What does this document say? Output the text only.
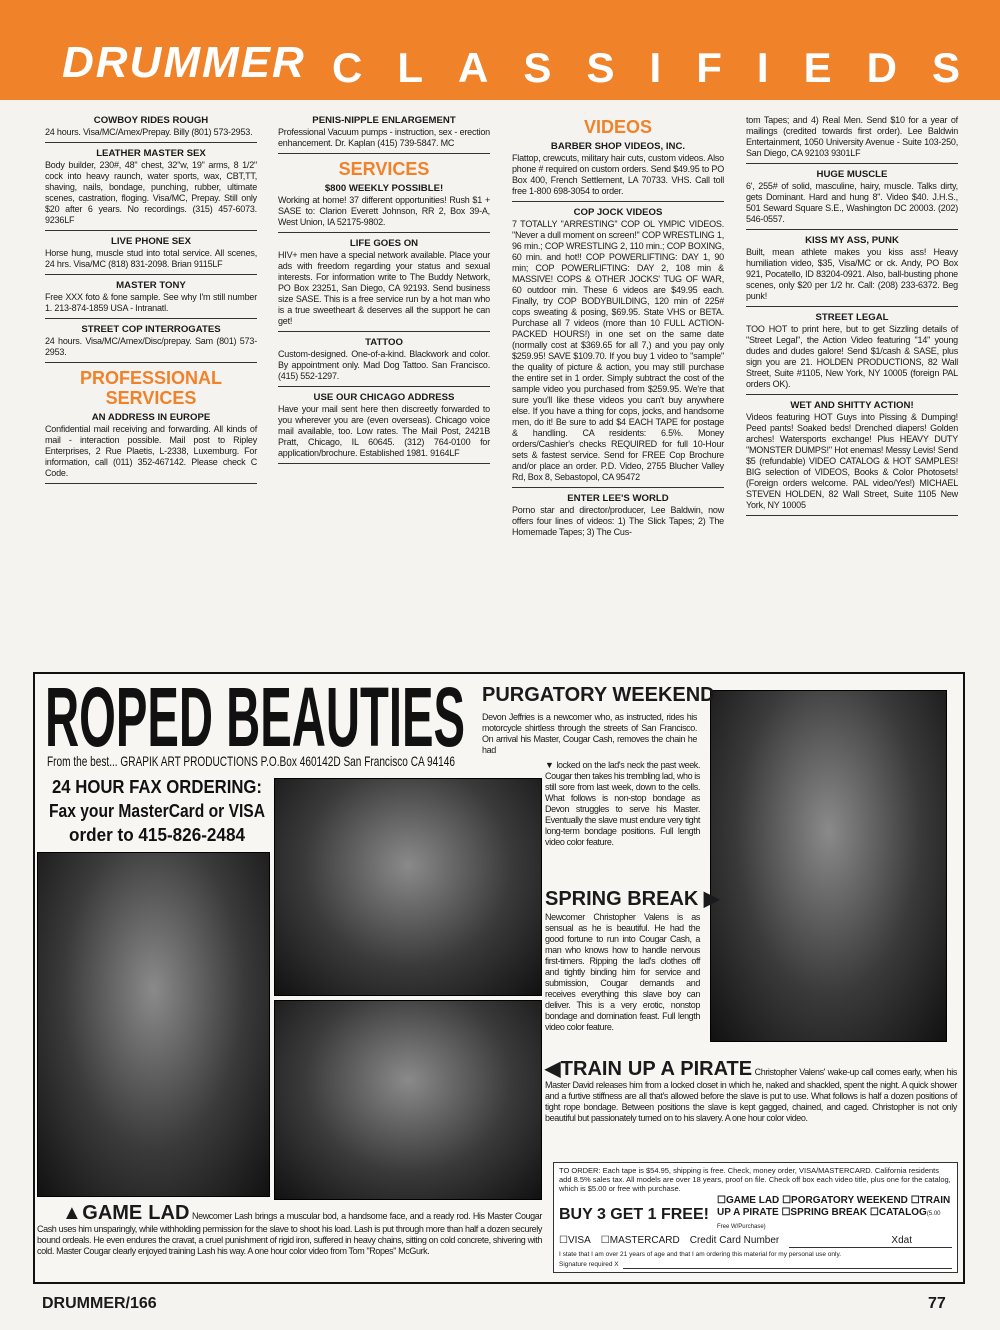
DRUMMER CLASSIFIEDS
COWBOY RIDES ROUGH

24 hours. Visa/MC/Amex/Prepay. Billy (801) 573-2953.

LEATHER MASTER SEX

Body builder, 230#, 48" chest, 32"w, 19" arms, 8 1/2" cock into heavy raunch, water sports, wax, CBT,TT, shaving, nails, bondage, punching, rubber, ultimate scenes, castration, floging. Visa/MC, Prepay. Still only $20 after 6 years. No recordings. (315) 457-6073. 9236LF

LIVE PHONE SEX

Horse hung, muscle stud into total service. All scenes, 24 hrs. Visa/MC (818) 831-2098. Brian 9115LF

MASTER TONY

Free XXX foto & fone sample. See why I'm still number 1. 213-874-1859 USA - Intranatl.

STREET COP INTERROGATES

24 hours. Visa/MC/Amex/Disc/prepay. Sam (801) 573-2953.

PROFESSIONAL SERVICES
AN ADDRESS IN EUROPE

Confidential mail receiving and forwarding. All kinds of mail - interaction possible. Mail post to Ripley Enterprises, 2 Rue Plaetis, L-2338, Luxemburg. For information, call (011) 352-467142. Please check C Code.

PENIS-NIPPLE ENLARGEMENT

Professional Vacuum pumps - instruction, sex - erection enhancement. Dr. Kaplan (415) 739-5847. MC

SERVICES
$800 WEEKLY POSSIBLE!

Working at home! 37 different opportunities! Rush $1 + SASE to: Clarion Everett Johnson, RR 2, Box 39-A, West Union, IA 52175-9802.

LIFE GOES ON

HIV+ men have a special network available. Place your ads with freedom regarding your status and sexual interests. For information write to The Buddy Network, PO Box 23251, San Diego, CA 92193. Send business size SASE. This is a free service run by a hot man who is a true sweetheart & deserves all the support he can get!

TATTOO

Custom-designed. One-of-a-kind. Blackwork and color. By appointment only. Mad Dog Tattoo. San Francisco. (415) 552-1297.

USE OUR CHICAGO ADDRESS

Have your mail sent here then discreetly forwarded to you wherever you are (even overseas). Chicago voice mail available, too. Low rates. The Mail Post, 2421B Pratt, Chicago, IL 60645. (312) 764-0100 for application/brochure. Established 1981. 9164LF

VIDEOS
BARBER SHOP VIDEOS, INC.

Flattop, crewcuts, military hair cuts, custom videos. Also phone # required on custom orders. Send $49.95 to PO Box 400, French Settlement, LA 70733. VHS. Call toll free 1-800 698-3054 to order.

COP JOCK VIDEOS

7 TOTALLY "ARRESTING" COP OL YMPIC VIDEOS. "Never a dull moment on screen!" COP WRESTLING 1, 96 min.; COP WRESTLING 2, 110 min.; COP BOXING, 60 min. and hot!! COP POWERLIFTING: DAY 1, 90 min; COP POWERLIFTING: DAY 2, 108 min & MASSIVE! COPS & OTHER JOCKS' TUG OF WAR, 60 outdoor min. These 6 videos are $49.95 each. Finally, try COP BODYBUILDING, 120 min of 225# cops sweating & posing, $69.95. State VHS or BETA. Purchase all 7 videos (more than 10 FULL ACTION-PACKED HOURS!) in one set on the same date (normally cost at $369.65 for all 7,) and you pay only $259.95! SAVE $109.70. If you buy 1 video to "sample" the quality of picture & action, you may still purchase the entire set in 1 order. Simply subtract the cost of the sample video you purchased from $259.95. We're that sure you'll like these videos you can't buy anywhere else. If you have a thing for cops, jocks, and handsome men, do it! Be sure to add $4 EACH TAPE for postage & handling. CA residents: 6.5%. Money orders/Cashier's checks REQUIRED for full 10-Hour sets & fastest service. Send for FREE Cop Brochure and/or place an order. P.D. Video, 2755 Blucher Valley Rd, Box 8, Sebastopol, CA 95472

ENTER LEE'S WORLD

Porno star and director/producer, Lee Baldwin, now offers four lines of videos: 1) The Slick Tapes; 2) The Homemade Tapes; 3) The Cus-

tom Tapes; and 4) Real Men. Send $10 for a year of mailings (credited towards first order). Lee Baldwin Entertainment, 1050 University Avenue - Suite 103-250, San Diego, CA 92103 9301LF

HUGE MUSCLE

6', 255# of solid, masculine, hairy, muscle. Talks dirty, gets Dominant. Hard and hung 8". Video $40. J.H.S., 501 Seward Square S.E., Washington DC 20003. (202) 546-0557.

KISS MY ASS, PUNK

Built, mean athlete makes you kiss ass! Heavy humiliation video, $35, Visa/MC or ck. Andy, PO Box 921, Pocatello, ID 83204-0921. Also, ball-busting phone scenes, only $20 per 1/2 hr. Call: (208) 233-6372. Beg punk!

STREET LEGAL

TOO HOT to print here, but to get Sizzling details of "Street Legal", the Action Video featuring "14" young dudes and dudes galore! Send $1/cash & SASE, plus sign you are 21. HOLDEN PRODUCTIONS, 82 Wall Street, Suite #1105, New York, NY 10005 (foreign PAL orders OK).

WET AND SHITTY ACTION!

Videos featuring HOT Guys into Pissing & Dumping! Peed pants! Soaked beds! Drenched diapers! Golden arches! Watersports exchange! Plus HEAVY DUTY "MONSTER DUMPS!" Hot enemas! Messy Levis! Send $5 (refundable) VIDEO CATALOG & HOT SAMPLES! BIG selection of VIDEOS, Books & Color Photosets! (Foreign orders welcome. PAL video/Yes!) MICHAEL STEVEN HOLDEN, 82 Wall Street, Suite 1105 New York, NY 10005

ROPED BEAUTIES
From the best... GRAPIK ART PRODUCTIONS P.O.Box 460142D San Francisco CA 94146
24 HOUR FAX ORDERING:
Fax your MasterCard or VISA
order to 415-826-2484
PURGATORY WEEKEND
Devon Jeffries is a newcomer who, as instructed, rides his motorcycle shirtless through the streets of San Francisco. On arrival his Master, Cougar Cash, removes the chain he had
▼ locked on the lad's neck the past week. Cougar then takes his trembling lad, who is still sore from last week, down to the cells. What follows is non-stop bondage as Devon struggles to serve his Master. Eventually the slave must endure very tight long-term bondage positions. Full length video color feature.
SPRING BREAK ▶
Newcomer Christopher Valens is as sensual as he is beautiful. He had the good fortune to run into Cougar Cash, a man who knows how to handle nervous first-timers. Ripping the lad's clothes off and tightly binding him for service and submission, Cougar demands and receives everything this slave boy can deliver. This is a very erotic, nonstop bondage and domination feast. Full length video color feature.
◀TRAIN UP A PIRATE Christopher Valens' wake-up call comes early, when his Master David releases him from a locked closet in which he, naked and shackled, spent the night. A quick shower and a furtive stiffness are all that's allowed before the slave is put to use. What follows is half a dozen positions of tight rope bondage. Between positions the slave is kept gagged, chained, and caged. Christopher is not only beautiful but passionately turned on to his slavery. A one hour color video.
▲GAME LAD Newcomer Lash brings a muscular bod, a handsome face, and a ready rod. His Master Cougar Cash uses him unsparingly, while withholding permission for the slave to shoot his load. Lash is put through more than half a dozen securely bound ordeals. He even endures the cravat, a cruel punishment of rigid iron, suffered in heavy chains, sitting on cold concrete, shivering with cold. Master Cougar clearly enjoyed training Lash his way. A one hour color video from Tom "Ropes" McGurk.
TO ORDER: Each tape is $54.95, shipping is free. Check, money order, VISA/MASTERCARD. California residents add 8.5% sales tax. All models are over 18 years, proof on file. Check off box each video title, plus one for the catalog, which is $5.00 or free with purchase.
BUY 3 GET 1 FREE!
☐GAME LAD ☐PORGATORY WEEKEND ☐TRAIN UP A PIRATE ☐SPRING BREAK ☐CATALOG(5.00 Free W/Purchase)
☐VISA ☐MASTERCARD Credit Card Number	Xdat
I state that I am over 21 years of age and that I am ordering this material for my personal use only.
Signature required X
DRUMMER/166	77
